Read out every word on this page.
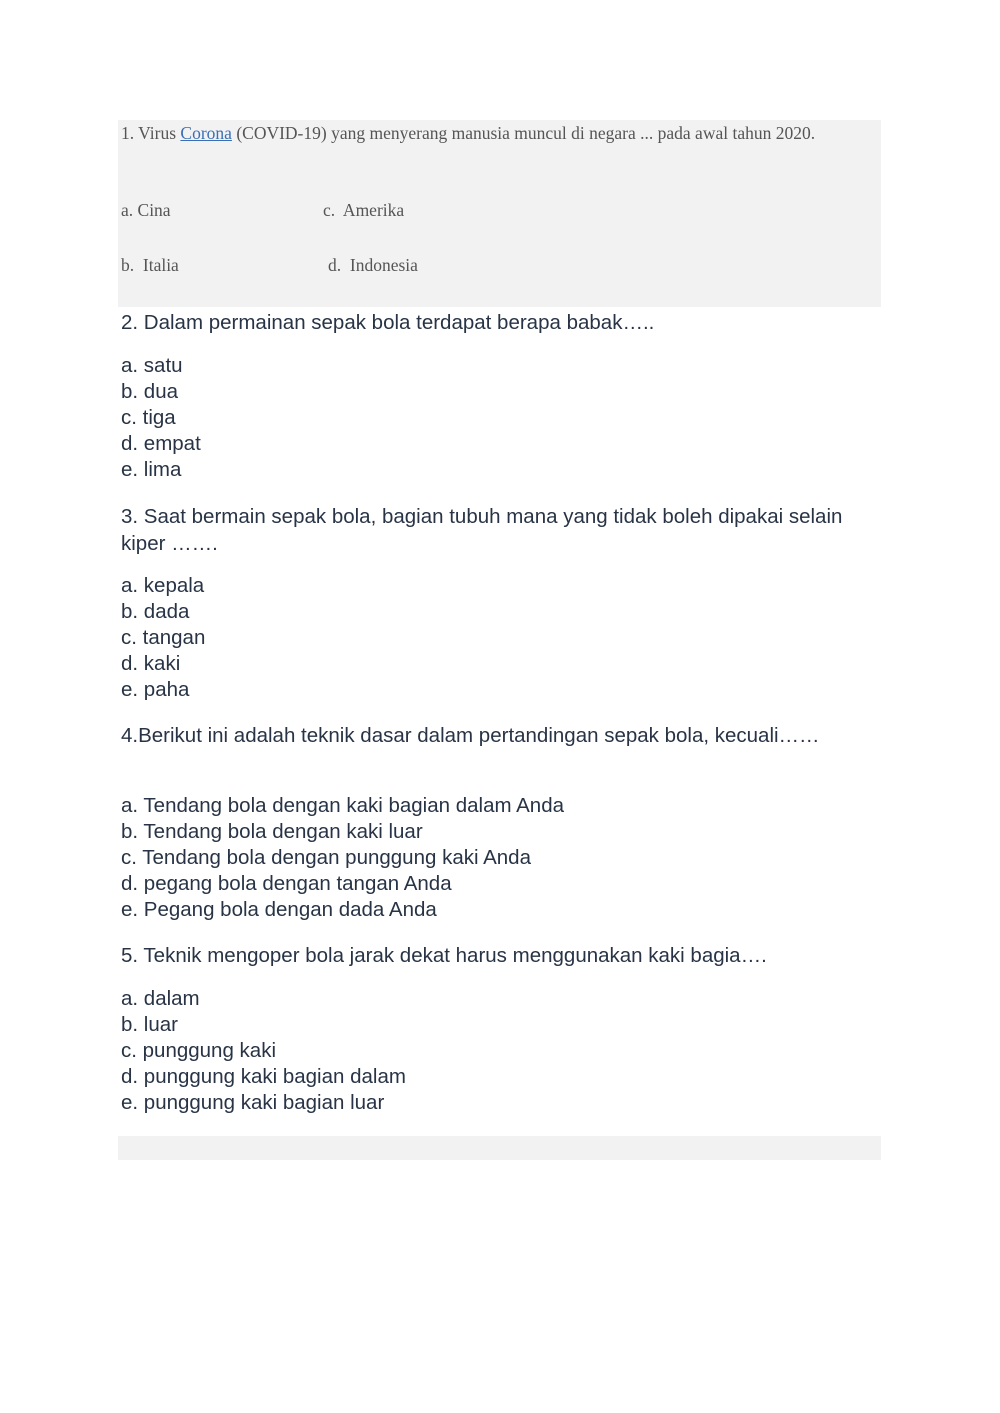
1. Virus Corona (COVID-19) yang menyerang manusia muncul di negara ... pada awal tahun 2020.
a. Cina	c.  Amerika
b.  Italia	d.  Indonesia
2. Dalam permainan sepak bola terdapat berapa babak…..
a. satu
b. dua
c. tiga
d. empat
e. lima
3. Saat bermain sepak bola, bagian tubuh mana yang tidak boleh dipakai selain kiper …….
a. kepala
b. dada
c. tangan
d. kaki
e. paha
4.Berikut ini adalah teknik dasar dalam pertandingan sepak bola, kecuali……
a. Tendang bola dengan kaki bagian dalam Anda
b. Tendang bola dengan kaki luar
c. Tendang bola dengan punggung kaki Anda
d. pegang bola dengan tangan Anda
e. Pegang bola dengan dada Anda
5. Teknik mengoper bola jarak dekat harus menggunakan kaki bagia….
a. dalam
b. luar
c. punggung kaki
d. punggung kaki bagian dalam
e. punggung kaki bagian luar
